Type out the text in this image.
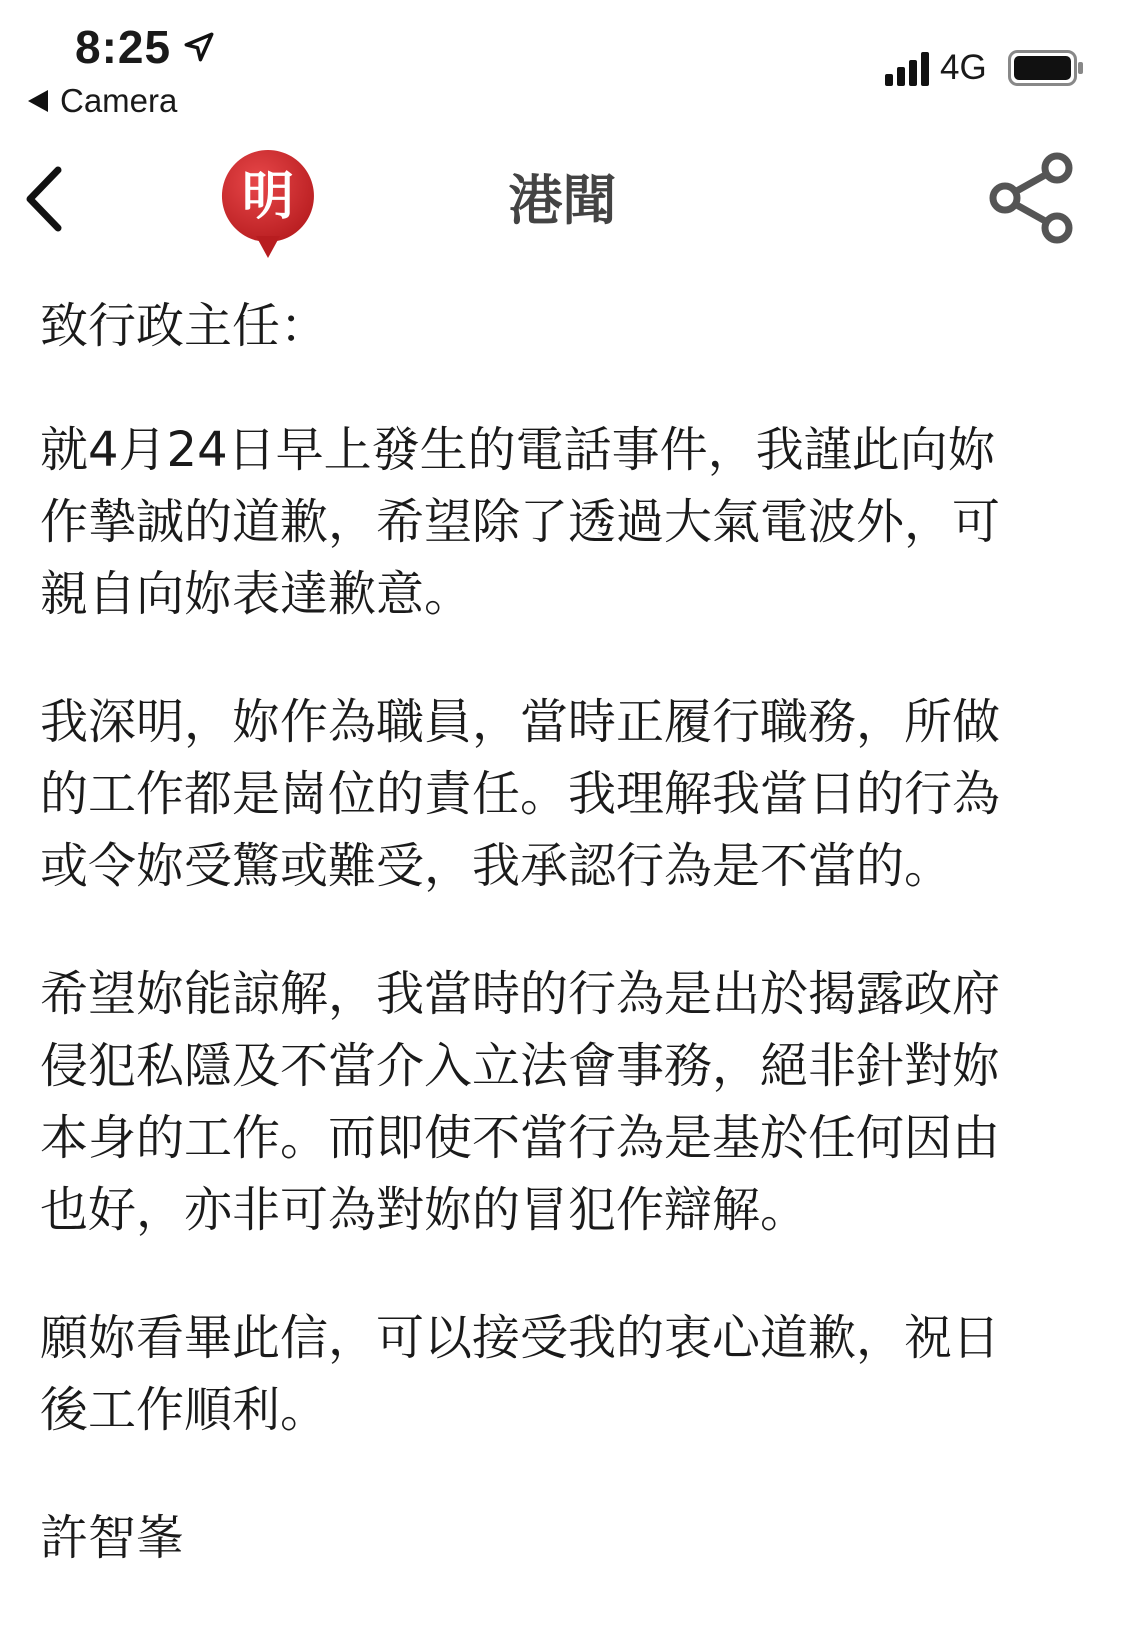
8:25
Camera
4G
明	港聞

致行政主任：

就4月24日早上發生的電話事件，我謹此向妳
作摯誠的道歉，希望除了透過大氣電波外，可
親自向妳表達歉意。

我深明，妳作為職員，當時正履行職務，所做
的工作都是崗位的責任。我理解我當日的行為
或令妳受驚或難受，我承認行為是不當的。

希望妳能諒解，我當時的行為是出於揭露政府
侵犯私隱及不當介入立法會事務，絕非針對妳
本身的工作。而即使不當行為是基於任何因由
也好，亦非可為對妳的冒犯作辯解。

願妳看畢此信，可以接受我的衷心道歉，祝日
後工作順利。

許智峯
